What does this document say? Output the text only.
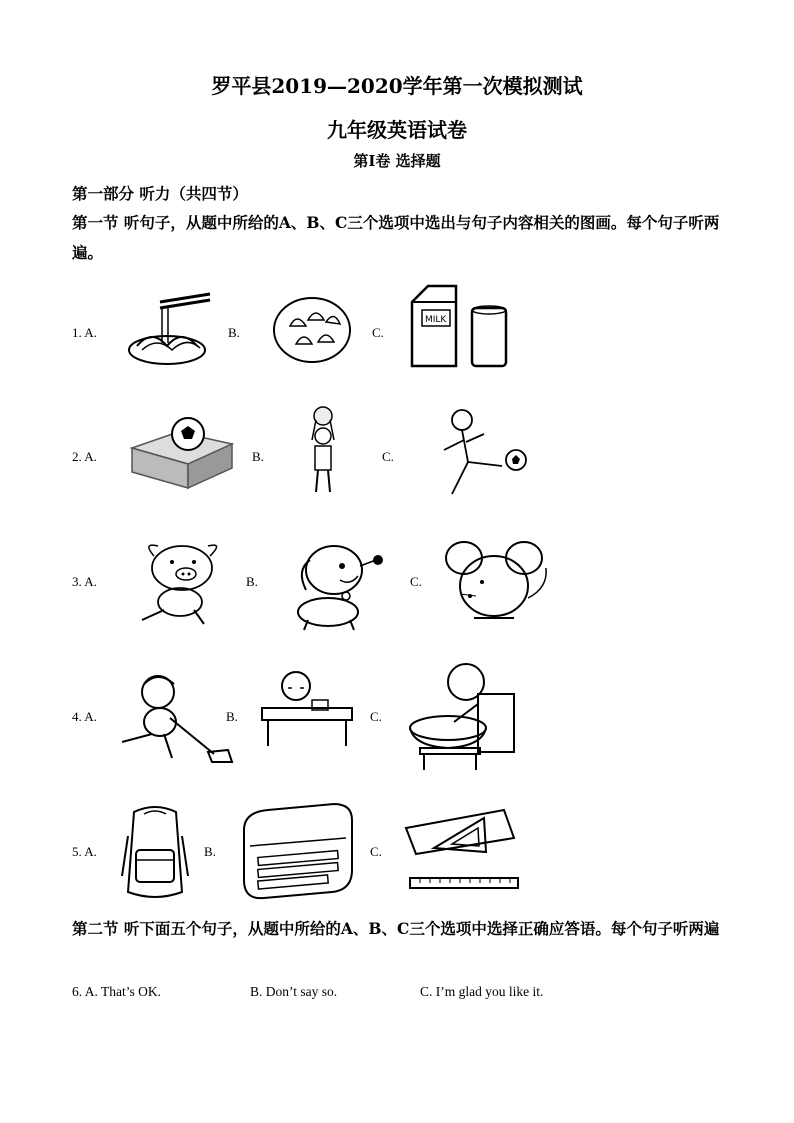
罗平县2019—2020学年第一次模拟测试
九年级英语试卷
第Ⅰ卷 选择题
第一部分 听力（共四节）
第一节 听句子，从题中所给的A、B、C三个选项中选出与句子内容相关的图画。每个句子听两遍。
1. A.	B.	C.
MILK
2. A.	B.	C.
3. A.	B.	C.
4. A.	B.	C.
5. A.	B.	C.
第二节 听下面五个句子，从题中所给的A、B、C三个选项中选择正确应答语。每个句子听两遍
6. A. That’s OK.	B. Don’t say so.	C. I’m glad you like it.
